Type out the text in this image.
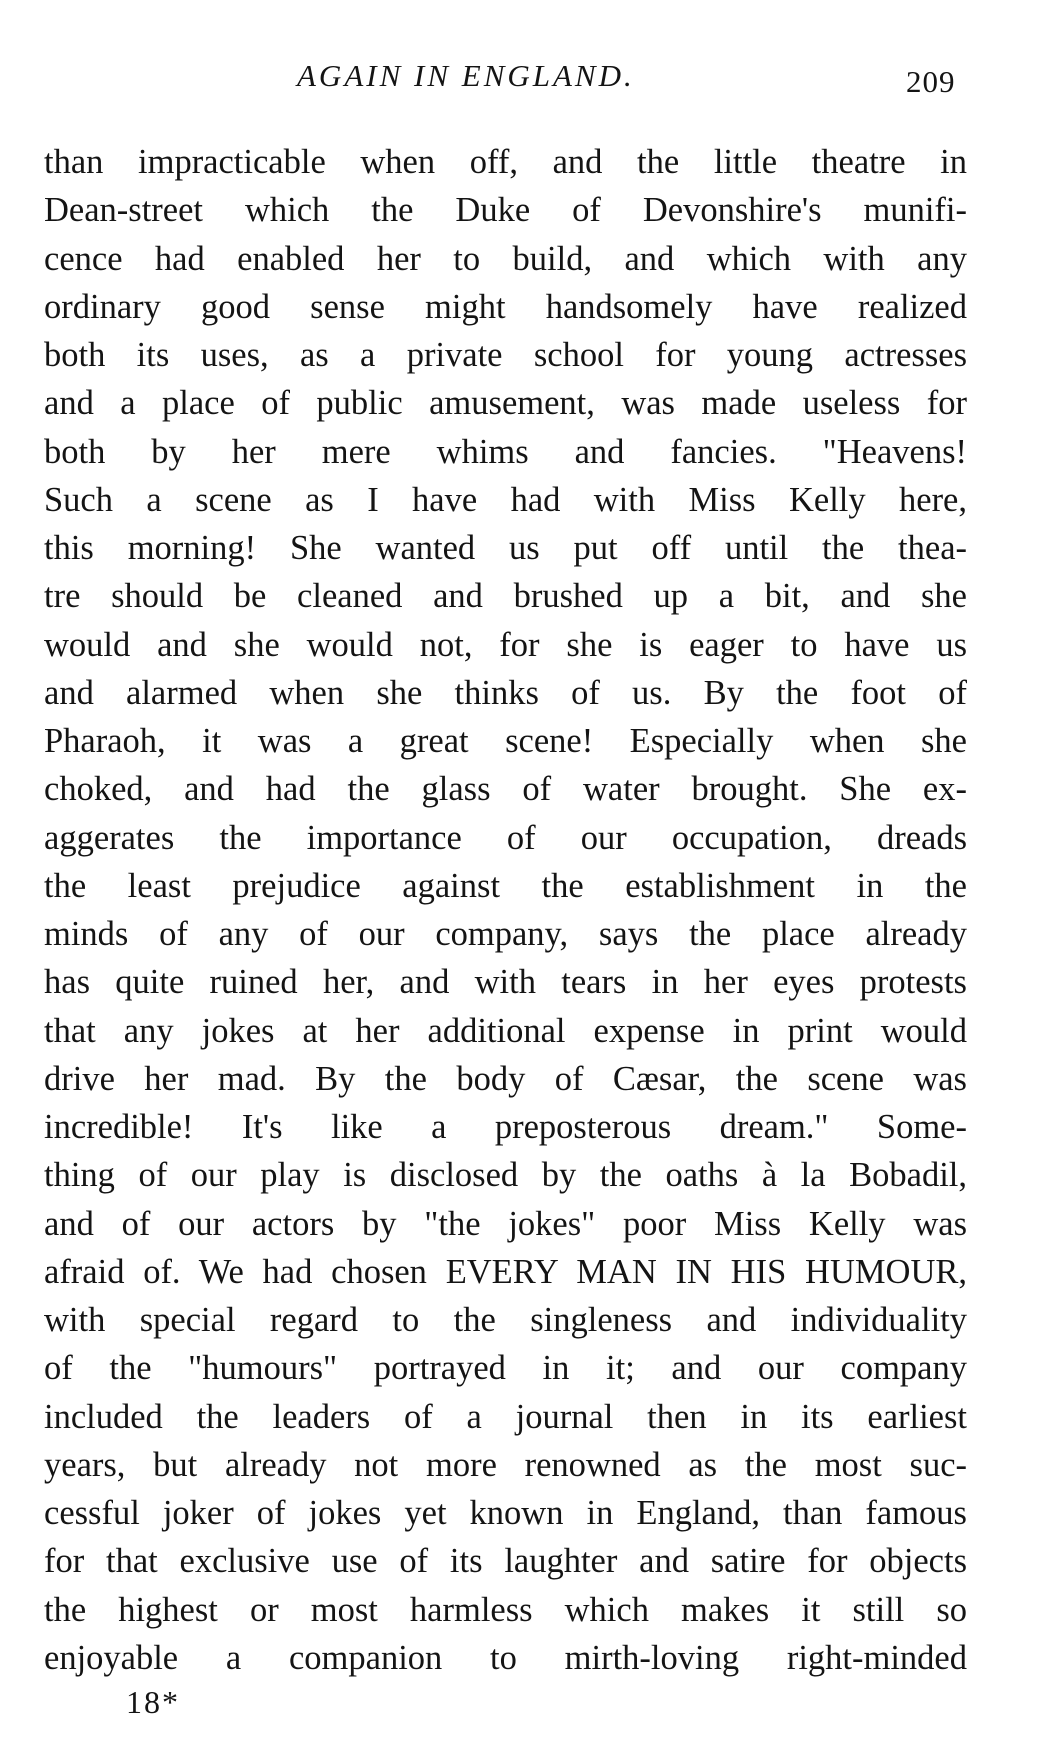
AGAIN IN ENGLAND.	209
than impracticable when off, and the little theatre in
Dean-street which the Duke of Devonshire's munifi-
cence had enabled her to build, and which with any
ordinary good sense might handsomely have realized
both its uses, as a private school for young actresses
and a place of public amusement, was made useless for
both by her mere whims and fancies. "Heavens!
Such a scene as I have had with Miss Kelly here,
this morning! She wanted us put off until the thea-
tre should be cleaned and brushed up a bit, and she
would and she would not, for she is eager to have us
and alarmed when she thinks of us. By the foot of
Pharaoh, it was a great scene! Especially when she
choked, and had the glass of water brought. She ex-
aggerates the importance of our occupation, dreads
the least prejudice against the establishment in the
minds of any of our company, says the place already
has quite ruined her, and with tears in her eyes protests
that any jokes at her additional expense in print would
drive her mad. By the body of Cæsar, the scene was
incredible! It's like a preposterous dream." Some-
thing of our play is disclosed by the oaths à la Bobadil,
and of our actors by "the jokes" poor Miss Kelly was
afraid of. We had chosen EVERY MAN IN HIS HUMOUR,
with special regard to the singleness and individuality
of the "humours" portrayed in it; and our company
included the leaders of a journal then in its earliest
years, but already not more renowned as the most suc-
cessful joker of jokes yet known in England, than famous
for that exclusive use of its laughter and satire for objects
the highest or most harmless which makes it still so
enjoyable a companion to mirth-loving right-minded
18*
